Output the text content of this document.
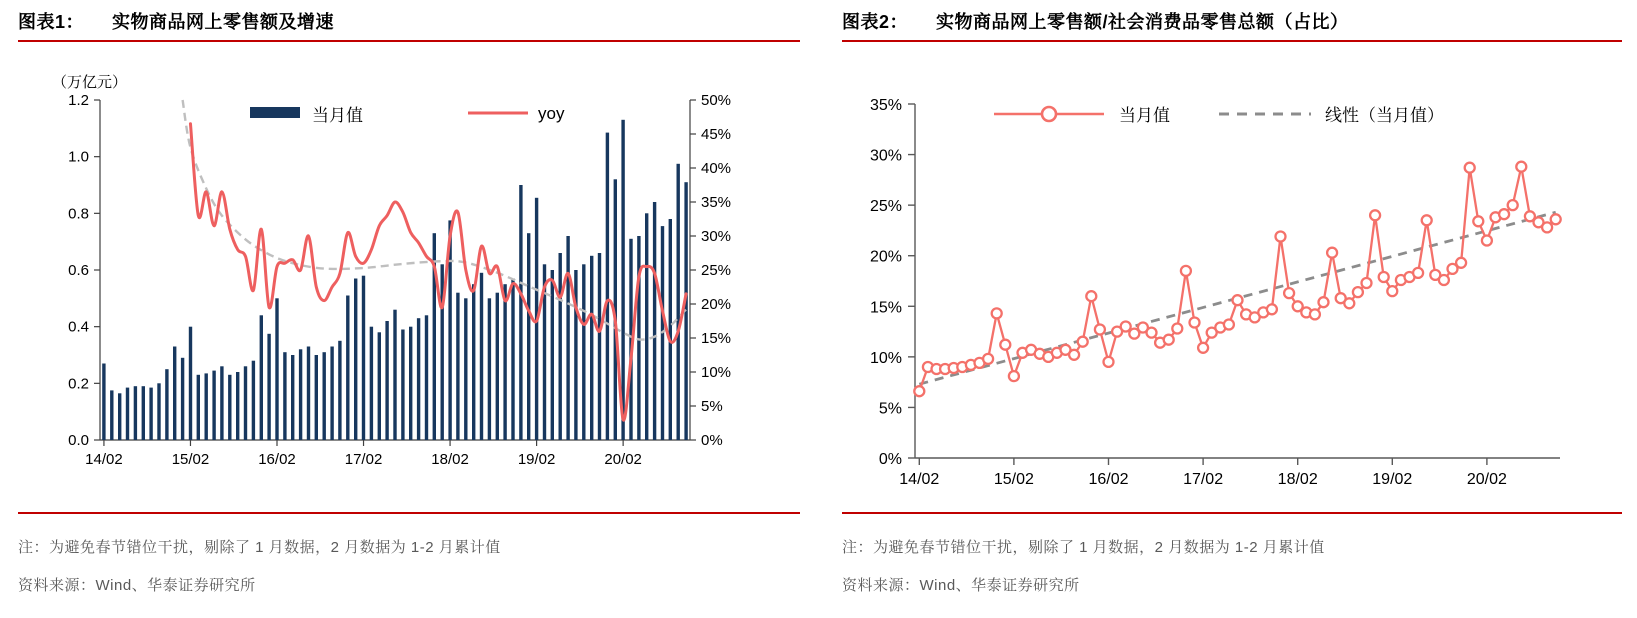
图表1： 实物商品网上零售额及增速
0.0
0.2
0.4
0.6
0.8
1.0
1.2
0%
5%
10%
15%
20%
25%
30%
35%
40%
45%
50%
14/02	15/02	16/02	17/02	18/02	19/02	20/02
（万亿元）
当月值	yoy
注：为避免春节错位干扰，剔除了 1 月数据，2 月数据为 1-2 月累计值
资料来源：Wind、华泰证券研究所
图表2： 实物商品网上零售额/社会消费品零售总额（占比）
0%
5%
10%
15%
20%
25%
30%
35%
14/02	15/02	16/02	17/02	18/02	19/02	20/02
当月值	线性（当月值）
注：为避免春节错位干扰，剔除了 1 月数据，2 月数据为 1-2 月累计值
资料来源：Wind、华泰证券研究所
